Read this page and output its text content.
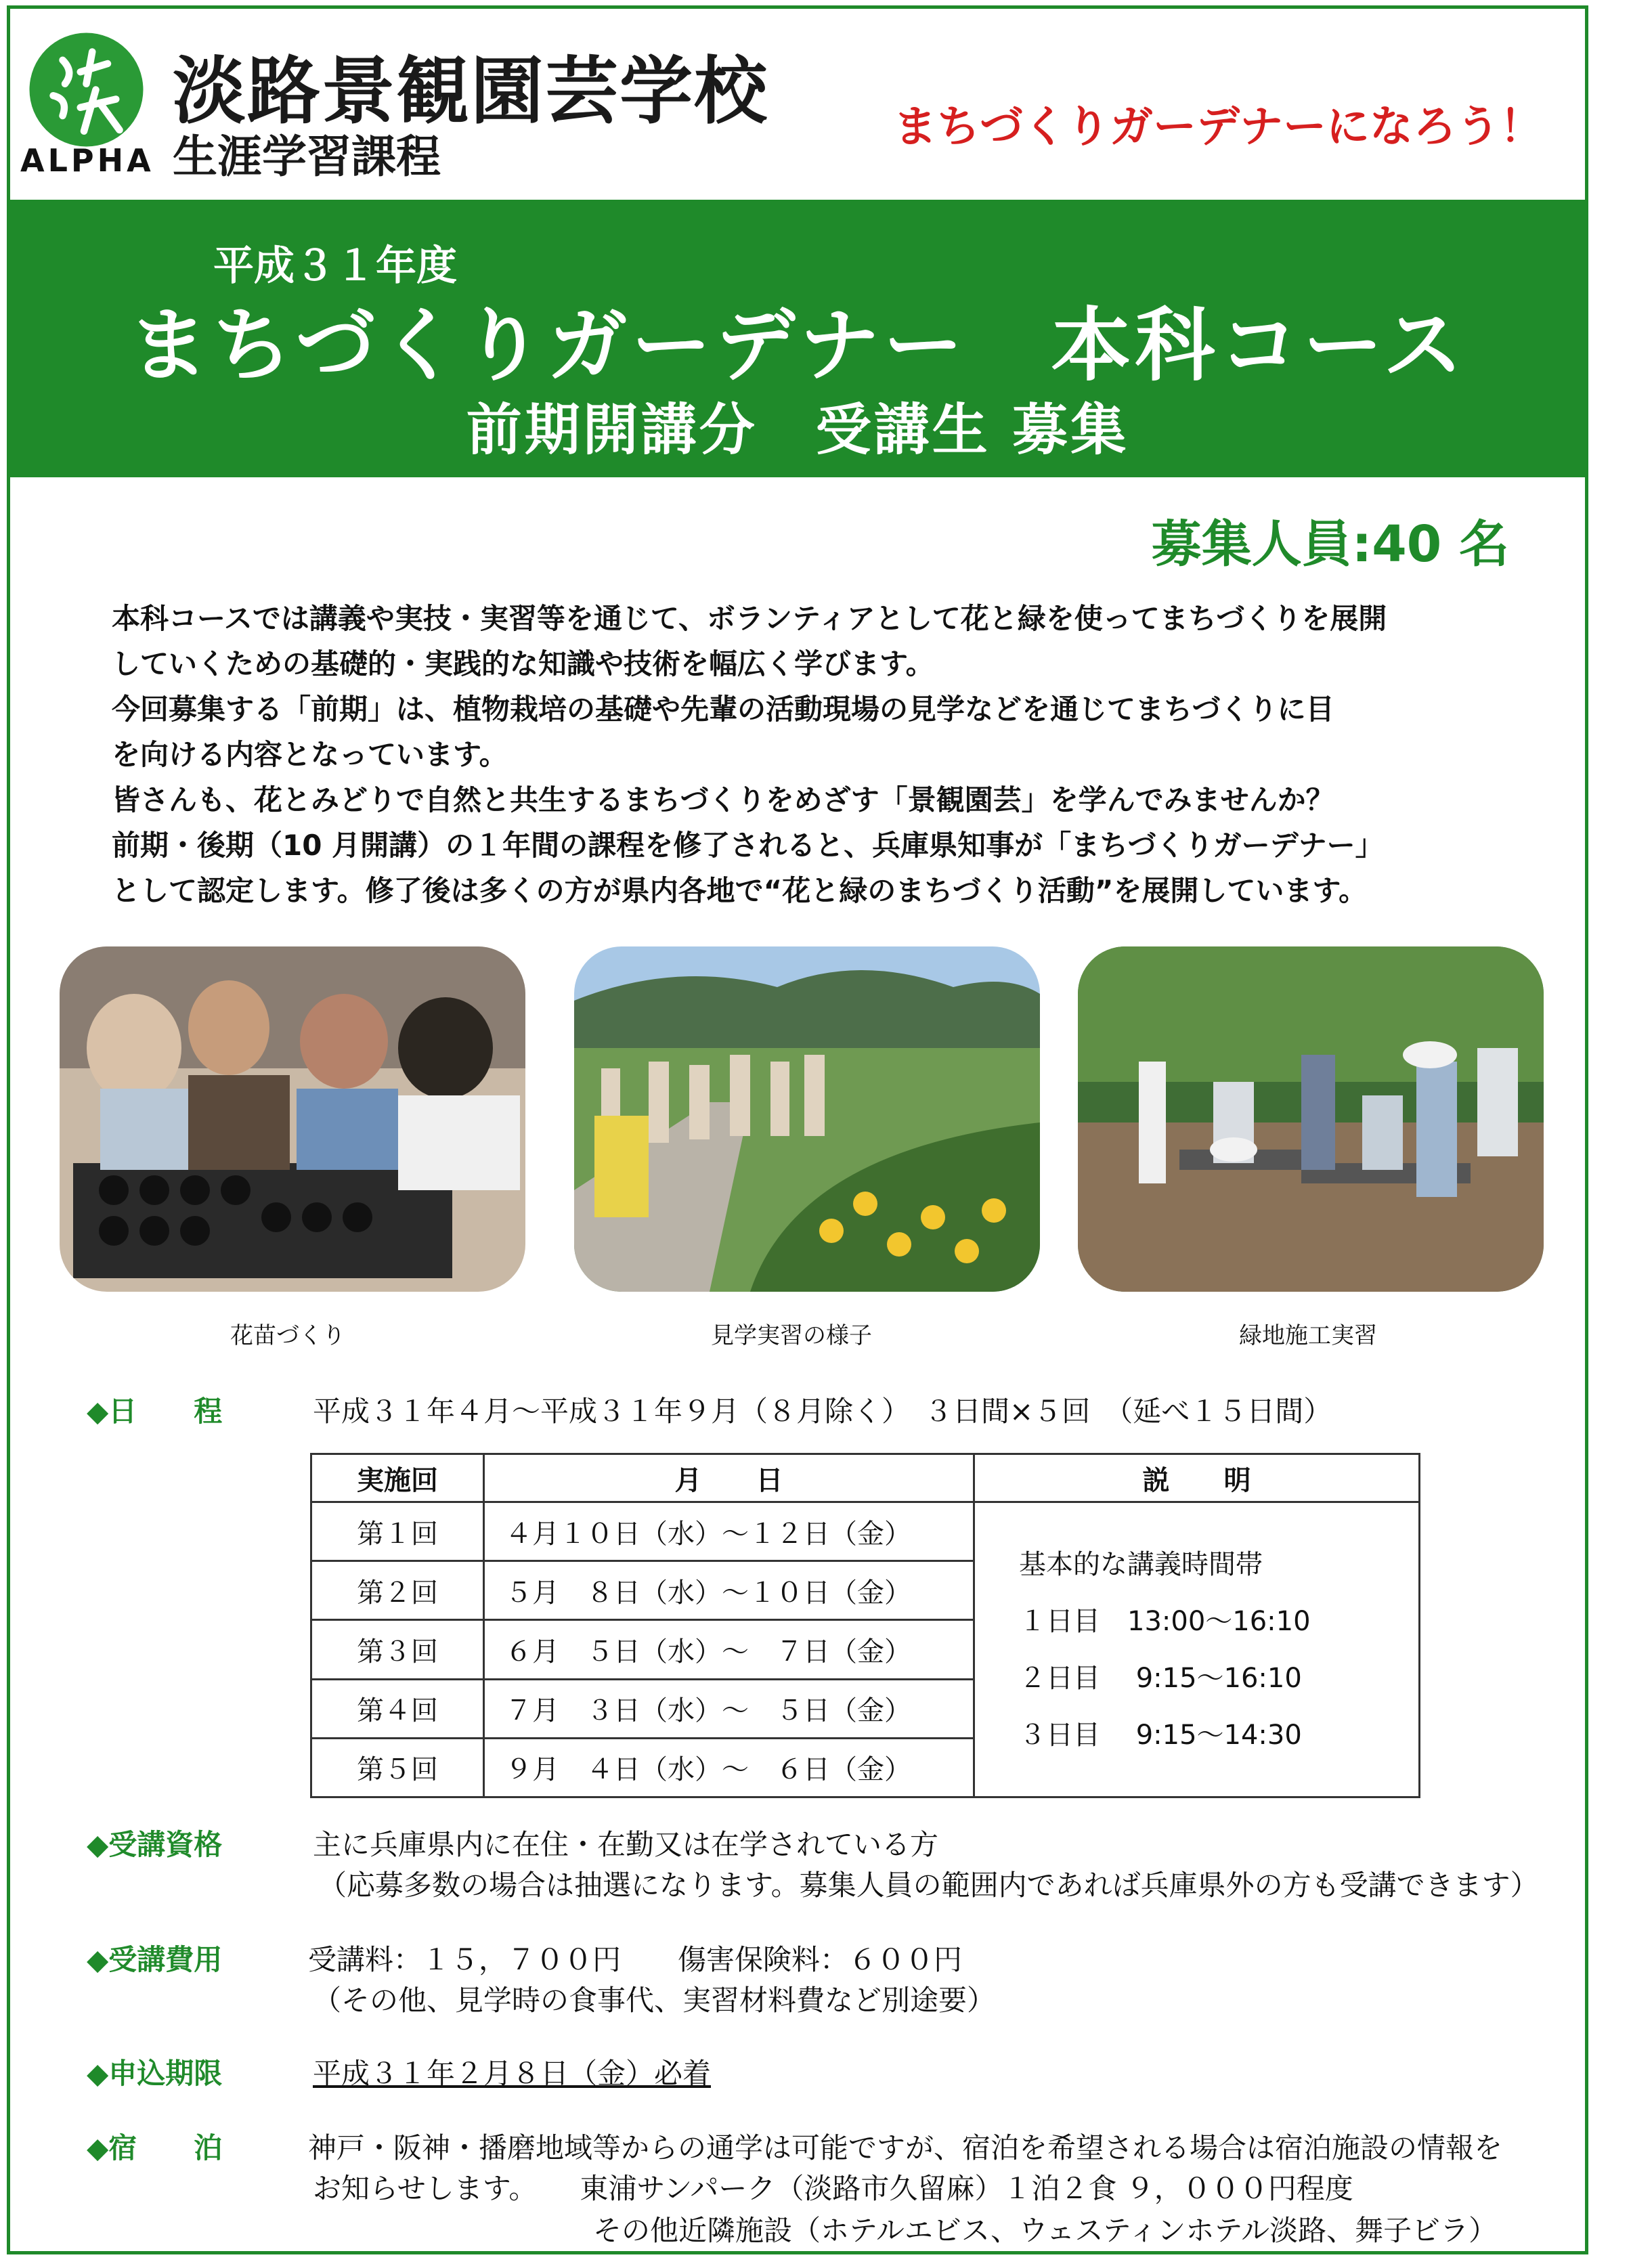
ALPHA
淡路景観園芸学校
生涯学習課程
まちづくりガーデナーになろう！
平成３１年度
まちづくりガーデナー　本科コース
前期開講分　受講生 募集
募集人員:40 名

本科コースでは講義や実技・実習等を通じて、ボランティアとして花と緑を使ってまちづくりを展開

していくための基礎的・実践的な知識や技術を幅広く学びます。

今回募集する「前期」は、植物栽培の基礎や先輩の活動現場の見学などを通じてまちづくりに目

を向ける内容となっています。

皆さんも、花とみどりで自然と共生するまちづくりをめざす「景観園芸」を学んでみませんか？

前期・後期（10 月開講）の１年間の課程を修了されると、兵庫県知事が「まちづくりガーデナー」

として認定します。修了後は多くの方が県内各地で“花と緑のまちづくり活動”を展開しています。

花苗づくり	見学実習の様子	緑地施工実習
◆日　　程	平成３１年４月～平成３１年９月（８月除く）　３日間×５回　（延べ１５日間）
実施回	月　　日	説　　明
第１回	４月１０日（水）～１２日（金）	基本的な講義時間帯
１日目　13:00～16:10
２日目　 9:15～16:10
３日目　 9:15～14:30

第２回	５月　８日（水）～１０日（金）	
第３回	６月　５日（水）～　７日（金）	
第４回	７月　３日（水）～　５日（金）	
第５回	９月　４日（水）～　６日（金）	
◆受講資格	主に兵庫県内に在住・在勤又は在学されている方
（応募多数の場合は抽選になります。募集人員の範囲内であれば兵庫県外の方も受講できます）
◆受講費用	受講料：１５，７００円　　傷害保険料：６００円
（その他、見学時の食事代、実習材料費など別途要）
◆申込期限	平成３１年２月８日（金）必着
◆宿　　泊	神戸・阪神・播磨地域等からの通学は可能ですが、宿泊を希望される場合は宿泊施設の情報を
お知らせします。　　東浦サンパーク（淡路市久留麻）１泊２食 ９，０００円程度
その他近隣施設（ホテルエビス、ウェスティンホテル淡路、舞子ビラ）
